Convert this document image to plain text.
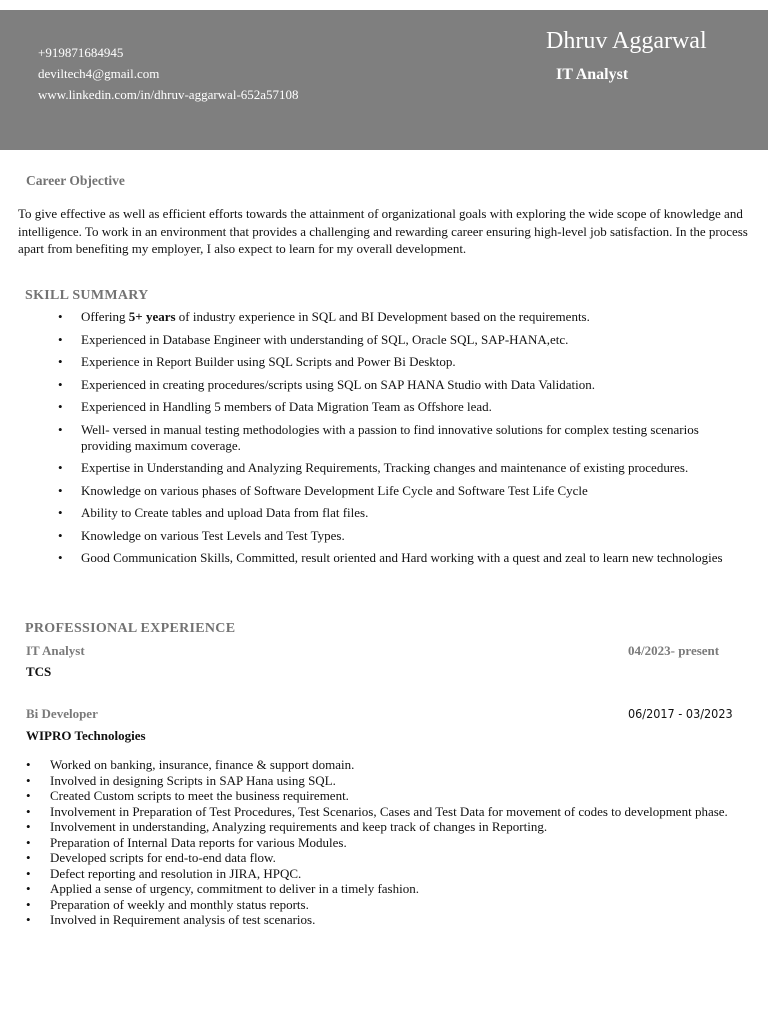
+919871684945
deviltech4@gmail.com
www.linkedin.com/in/dhruv-aggarwal-652a57108
Dhruv Aggarwal
IT Analyst
Career Objective
To give effective as well as efficient efforts towards the attainment of organizational goals with exploring the wide scope of knowledge and intelligence. To work in an environment that provides a challenging and rewarding career ensuring high-level job satisfaction. In the process apart from benefiting my employer, I also expect to learn for my overall development.
SKILL SUMMARY
• Offering 5+ years of industry experience in SQL and BI Development based on the requirements.
• Experienced in Database Engineer with understanding of SQL, Oracle SQL, SAP-HANA,etc.
• Experience in Report Builder using SQL Scripts and Power Bi Desktop.
• Experienced in creating procedures/scripts using SQL on SAP HANA Studio with Data Validation.
• Experienced in Handling 5 members of Data Migration Team as Offshore lead.
• Well- versed in manual testing methodologies with a passion to find innovative solutions for complex testing scenarios providing maximum coverage.
• Expertise in Understanding and Analyzing Requirements, Tracking changes and maintenance of existing procedures.
• Knowledge on various phases of Software Development Life Cycle and Software Test Life Cycle
• Ability to Create tables and upload Data from flat files.
• Knowledge on various Test Levels and Test Types.
• Good Communication Skills, Committed, result oriented and Hard working with a quest and zeal to learn new technologies
PROFESSIONAL EXPERIENCE
IT Analyst	04/2023- present
TCS
Bi Developer	06/2017 - 03/2023
WIPRO Technologies
• Worked on banking, insurance, finance & support domain.
• Involved in designing Scripts in SAP Hana using SQL.
• Created Custom scripts to meet the business requirement.
• Involvement in Preparation of Test Procedures, Test Scenarios, Cases and Test Data for movement of codes to development phase.
• Involvement in understanding, Analyzing requirements and keep track of changes in Reporting.
• Preparation of Internal Data reports for various Modules.
• Developed scripts for end-to-end data flow.
• Defect reporting and resolution in JIRA, HPQC.
• Applied a sense of urgency, commitment to deliver in a timely fashion.
• Preparation of weekly and monthly status reports.
• Involved in Requirement analysis of test scenarios.
